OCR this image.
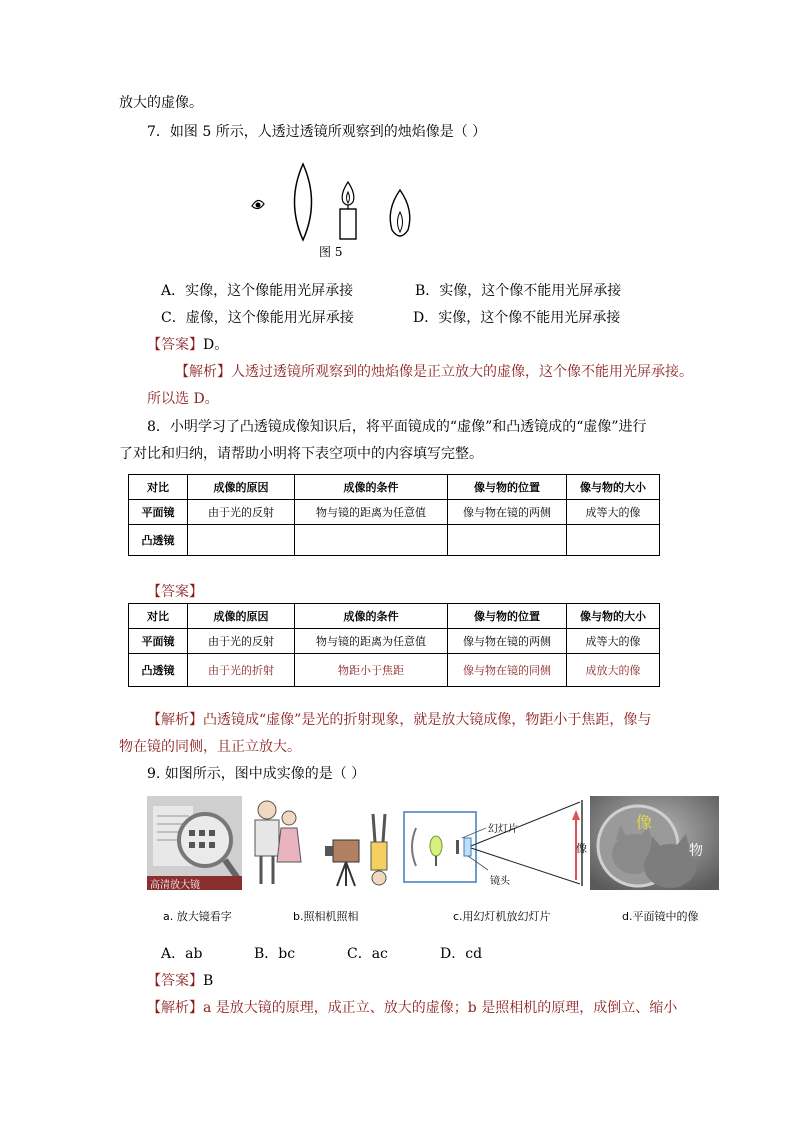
放大的虚像。
7．如图 5 所示，人透过透镜所观察到的烛焰像是（ ）
图 5
A．实像，这个像能用光屏承接	B．实像，这个像不能用光屏承接
C．虚像，这个像能用光屏承接	D．实像，这个像不能用光屏承接
【答案】D。
【解析】人透过透镜所观察到的烛焰像是正立放大的虚像，这个像不能用光屏承接。
所以选 D。
8．小明学习了凸透镜成像知识后，将平面镜成的“虚像”和凸透镜成的“虚像”进行
了对比和归纳，请帮助小明将下表空项中的内容填写完整。
对比	成像的原因	成像的条件	像与物的位置	像与物的大小
平面镜	由于光的反射	物与镜的距离为任意值	像与物在镜的两侧	成等大的像
凸透镜				
【答案】
对比	成像的原因	成像的条件	像与物的位置	像与物的大小
平面镜	由于光的反射	物与镜的距离为任意值	像与物在镜的两侧	成等大的像
凸透镜	由于光的折射	物距小于焦距	像与物在镜的同侧	成放大的像
【解析】凸透镜成“虚像”是光的折射现象，就是放大镜成像，物距小于焦距，像与
物在镜的同侧，且正立放大。
9. 如图所示，图中成实像的是（ ）
高清放大镜
幻灯片
镜头
像
像
物
a. 放大镜看字	b.照相机照相	c.用幻灯机放幻灯片	d.平面镜中的像
A．ab	B．bc	C．ac	D．cd
【答案】B
【解析】a 是放大镜的原理，成正立、放大的虚像；b 是照相机的原理，成倒立、缩小
